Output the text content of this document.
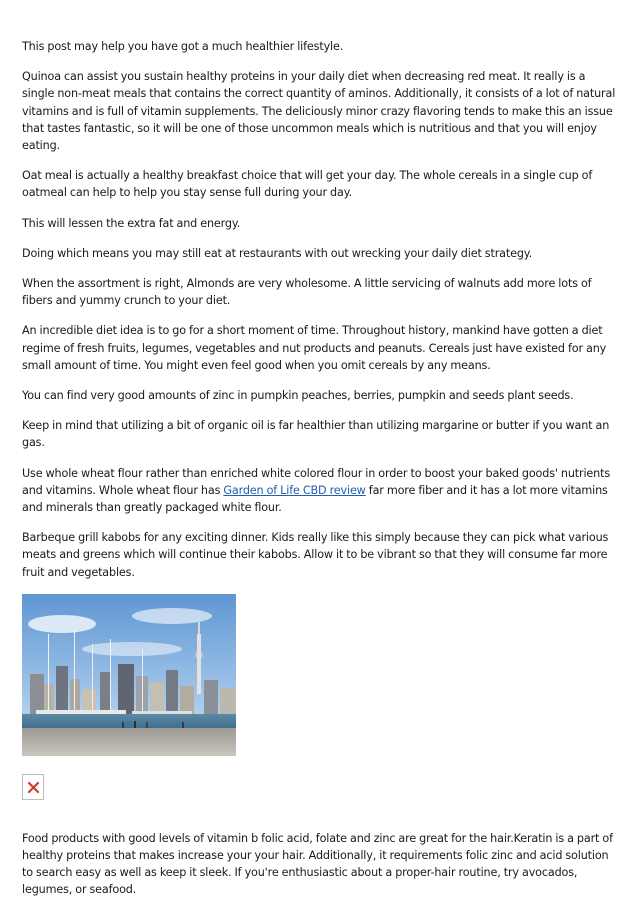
This post may help you have got a much healthier lifestyle.

Quinoa can assist you sustain healthy proteins in your daily diet when decreasing red meat. It really is a single non-meat meals that contains the correct quantity of aminos. Additionally, it consists of a lot of natural vitamins and is full of vitamin supplements. The deliciously minor crazy flavoring tends to make this an issue that tastes fantastic, so it will be one of those uncommon meals which is nutritious and that you will enjoy eating.

Oat meal is actually a healthy breakfast choice that will get your day. The whole cereals in a single cup of oatmeal can help to help you stay sense full during your day.

This will lessen the extra fat and energy.

Doing which means you may still eat at restaurants with out wrecking your daily diet strategy.

When the assortment is right, Almonds are very wholesome. A little servicing of walnuts add more lots of fibers and yummy crunch to your diet.

An incredible diet idea is to go for a short moment of time. Throughout history, mankind have gotten a diet regime of fresh fruits, legumes, vegetables and nut products and peanuts. Cereals just have existed for any small amount of time. You might even feel good when you omit cereals by any means.

You can find very good amounts of zinc in pumpkin peaches, berries, pumpkin and seeds plant seeds.

Keep in mind that utilizing a bit of organic oil is far healthier than utilizing margarine or butter if you want an gas.

Use whole wheat flour rather than enriched white colored flour in order to boost your baked goods' nutrients and vitamins. Whole wheat flour has Garden of Life CBD review far more fiber and it has a lot more vitamins and minerals than greatly packaged white flour.

Barbeque grill kabobs for any exciting dinner. Kids really like this simply because they can pick what various meats and greens which will continue their kabobs. Allow it to be vibrant so that they will consume far more fruit and vegetables.

Food products with good levels of vitamin b folic acid, folate and zinc are great for the hair.Keratin is a part of healthy proteins that makes increase your your hair. Additionally, it requirements folic zinc and acid solution to search easy as well as keep it sleek. If you're enthusiastic about a proper-hair routine, try avocados, legumes, or seafood.
